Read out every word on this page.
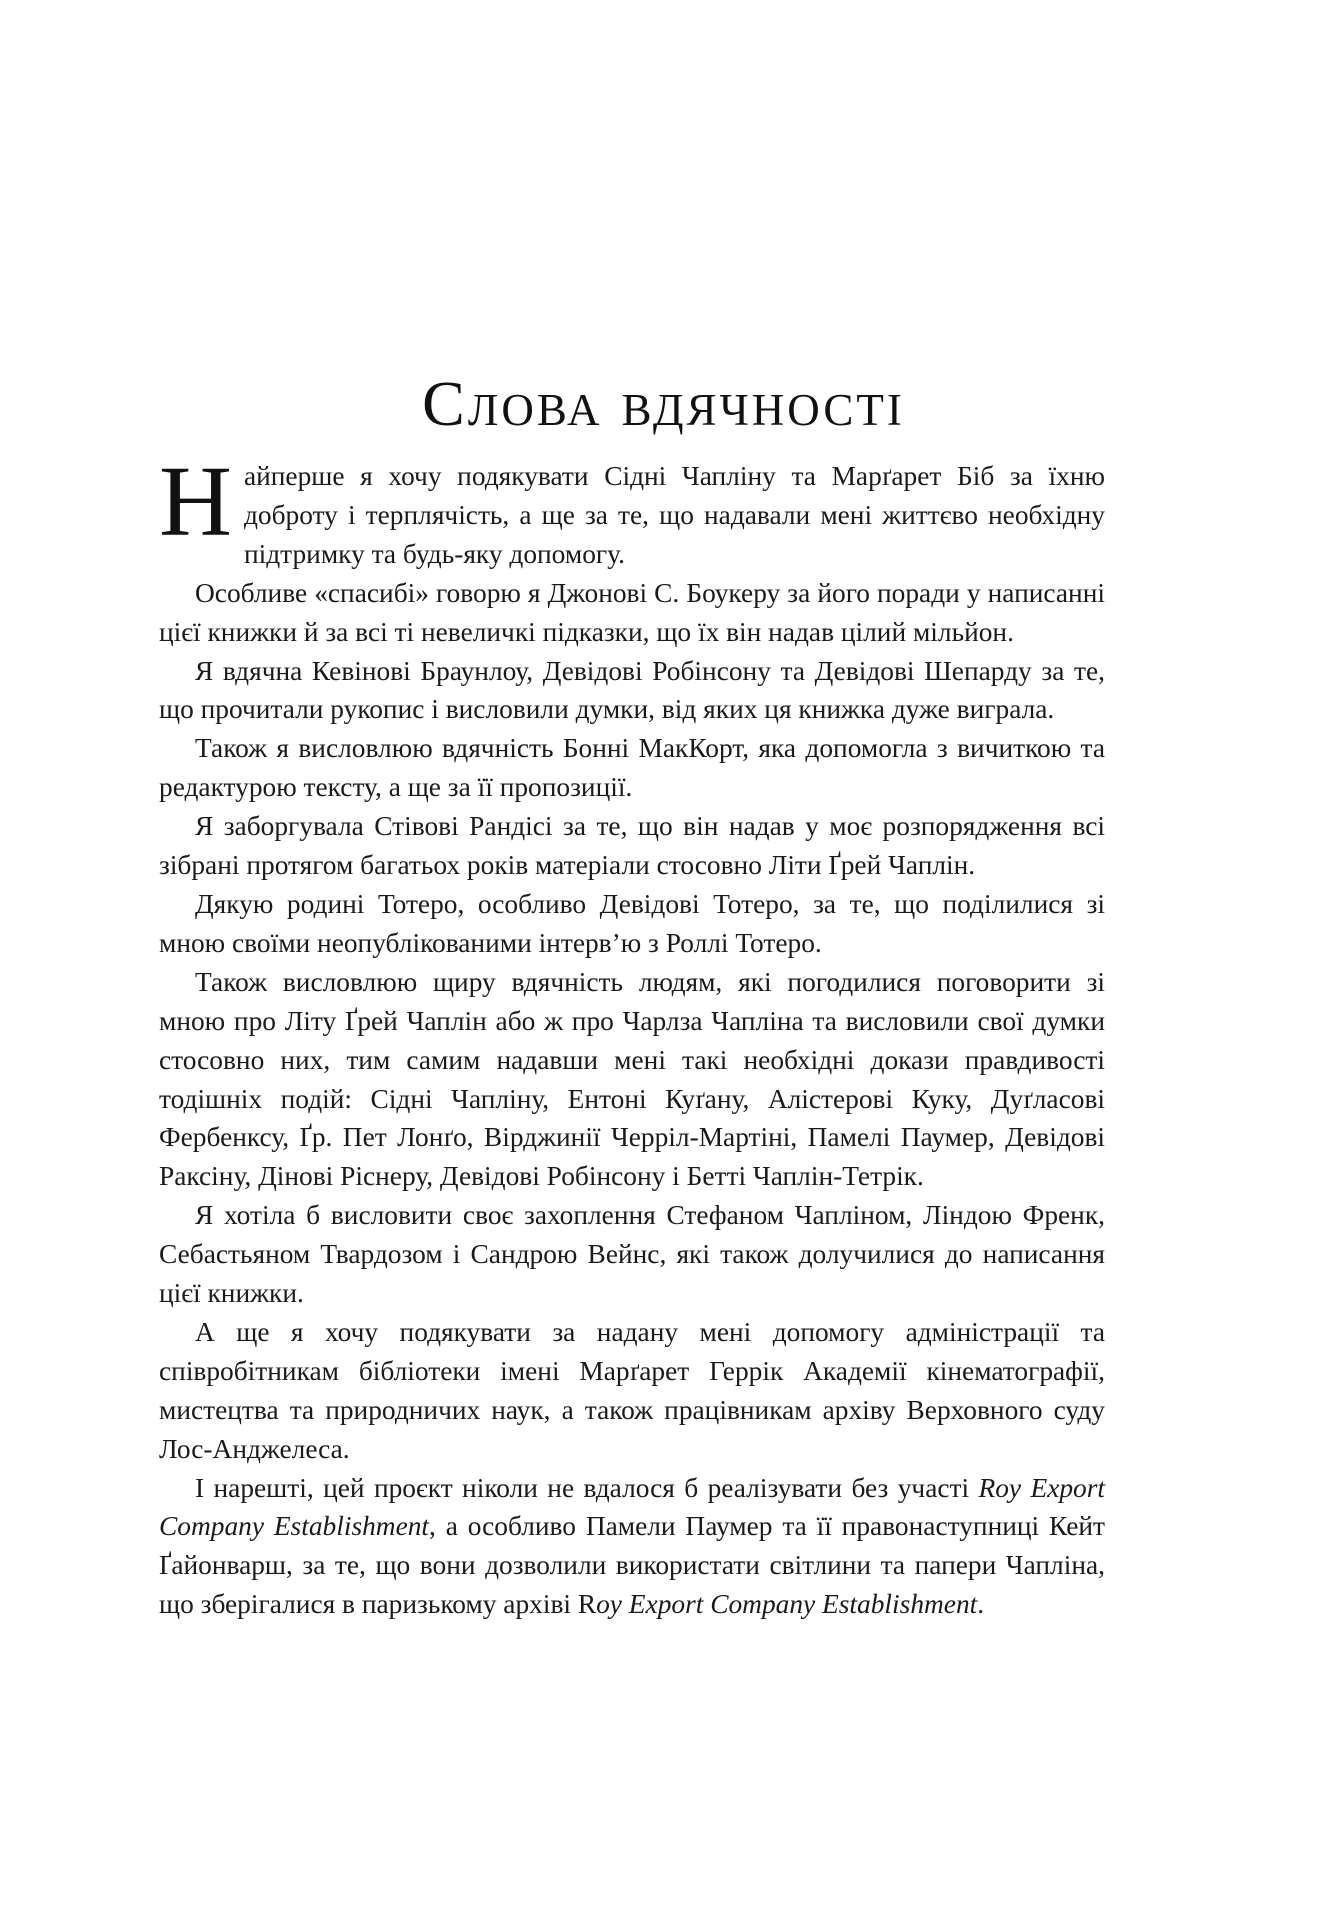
Слова вдячності

Найперше я хочу подякувати Сідні Чапліну та Марґарет Біб за їхню доброту і терплячість, а ще за те, що надавали мені життєво необхідну підтримку та будь-яку допомогу.

Особливе «спасибі» говорю я Джонові С. Боукеру за його поради у написанні цієї книжки й за всі ті невеличкі підказки, що їх він надав цілий мільйон.

Я вдячна Кевінові Браунлоу, Девідові Робінсону та Девідові Шепарду за те, що прочитали рукопис і висловили думки, від яких ця книжка дуже виграла.

Також я висловлюю вдячність Бонні МакКорт, яка допомогла з вичиткою та редактурою тексту, а ще за її пропозиції.

Я заборгувала Стівові Рандісі за те, що він надав у моє розпорядження всі зібрані протягом багатьох років матеріали стосовно Літи Ґрей Чаплін.

Дякую родині Тотеро, особливо Девідові Тотеро, за те, що поділилися зі мною своїми неопублікованими інтерв’ю з Роллі Тотеро.

Також висловлюю щиру вдячність людям, які погодилися поговорити зі мною про Літу Ґрей Чаплін або ж про Чарлза Чапліна та висловили свої думки стосовно них, тим самим надавши мені такі необхідні докази правдивості тодішніх подій: Сідні Чапліну, Ентоні Куґану, Алістерові Куку, Дуґласові Фербенксу, Ґр. Пет Лонґо, Вірджинії Черріл-Мартіні, Памелі Паумер, Девідові Раксіну, Дінові Ріснеру, Девідові Робінсону і Бетті Чаплін-Тетрік.

Я хотіла б висловити своє захоплення Стефаном Чапліном, Ліндою Френк, Себастьяном Твардозом і Сандрою Вейнс, які також долучилися до написання цієї книжки.

А ще я хочу подякувати за надану мені допомогу адміністрації та співробітникам бібліотеки імені Марґарет Геррік Академії кінематографії, мистецтва та природничих наук, а також працівникам архіву Верховного суду Лос-Анджелеса.

І нарешті, цей проєкт ніколи не вдалося б реалізувати без участі Roy Export Company Establishment, а особливо Памели Паумер та її правонаступниці Кейт Ґайонварш, за те, що вони дозволили використати світлини та папери Чапліна, що зберігалися в паризькому архіві Roy Export Company Establishment.
